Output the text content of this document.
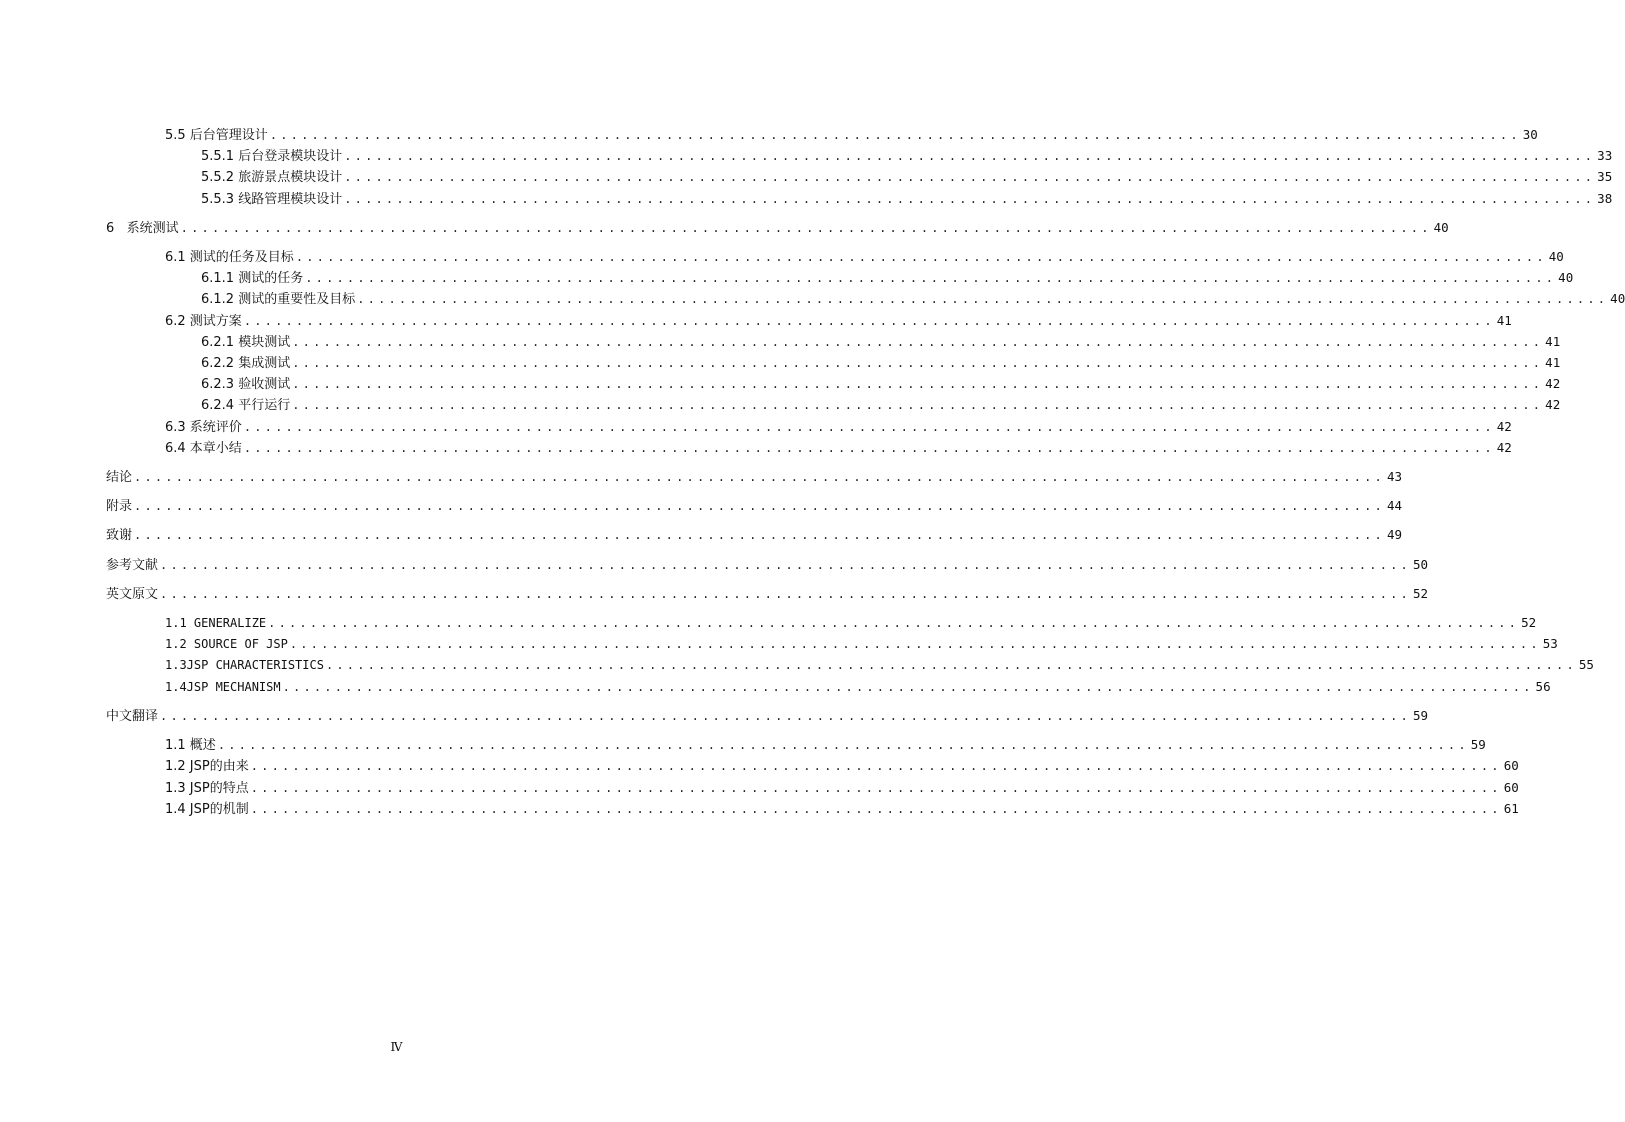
5.5 后台管理设计 ........................................................................................................................ 30
5.5.1 后台登录模块设计 ........................................................................................................................ 33
5.5.2 旅游景点模块设计 ........................................................................................................................ 35
5.5.3 线路管理模块设计 ........................................................................................................................ 38
6   系统测试 ........................................................................................................................ 40
6.1 测试的任务及目标 ........................................................................................................................ 40
6.1.1 测试的任务 ........................................................................................................................ 40
6.1.2 测试的重要性及目标 ........................................................................................................................ 40
6.2 测试方案 ........................................................................................................................ 41
6.2.1 模块测试 ........................................................................................................................ 41
6.2.2 集成测试 ........................................................................................................................ 41
6.2.3 验收测试 ........................................................................................................................ 42
6.2.4 平行运行 ........................................................................................................................ 42
6.3 系统评价 ........................................................................................................................ 42
6.4 本章小结 ........................................................................................................................ 42
结论 ........................................................................................................................ 43
附录 ........................................................................................................................ 44
致谢 ........................................................................................................................ 49
参考文献 ........................................................................................................................ 50
英文原文 ........................................................................................................................ 52
1.1 GENERALIZE ........................................................................................................................ 52
1.2 SOURCE OF JSP ........................................................................................................................ 53
1.3JSP CHARACTERISTICS ........................................................................................................................ 55
1.4JSP MECHANISM ........................................................................................................................ 56
中文翻译 ........................................................................................................................ 59
1.1 概述 ........................................................................................................................ 59
1.2 JSP的由来 ........................................................................................................................ 60
1.3 JSP的特点 ........................................................................................................................ 60
1.4 JSP的机制 ........................................................................................................................ 61
Ⅳ
